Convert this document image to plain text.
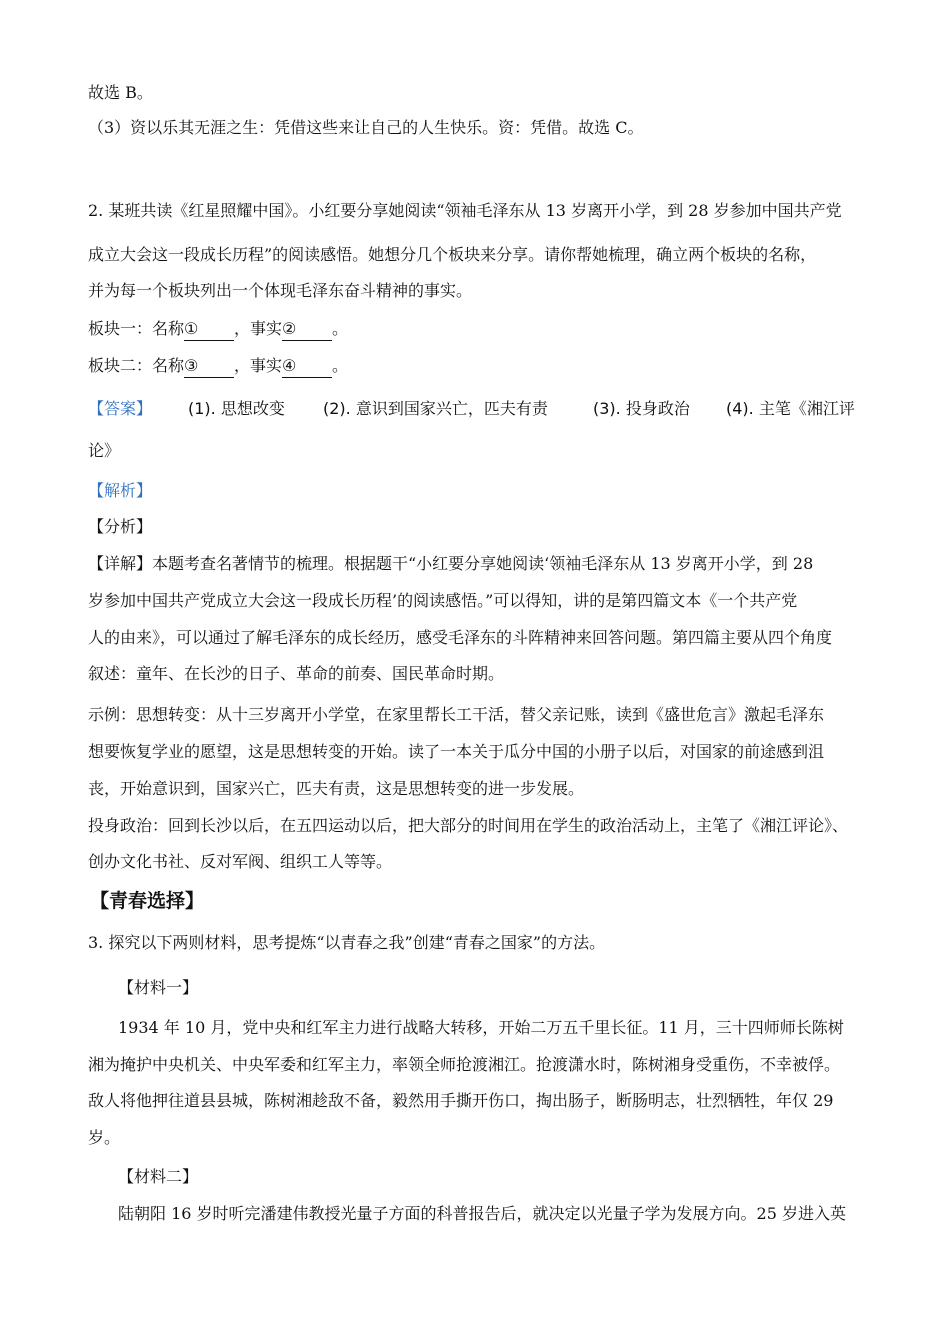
故选 B。
（3）资以乐其无涯之生：凭借这些来让自己的人生快乐。资：凭借。故选 C。
2. 某班共读《红星照耀中国》。小红要分享她阅读“领袖毛泽东从 13 岁离开小学，到 28 岁参加中国共产党
成立大会这一段成长历程”的阅读感悟。她想分几个板块来分享。请你帮她梳理，确立两个板块的名称，
并为每一个板块列出一个体现毛泽东奋斗精神的事实。
板块一：名称① ，事实② 。
板块二：名称③ ，事实④ 。
【答案】 (1). 思想改变 (2). 意识到国家兴亡，匹夫有责	(3). 投身政治 (4). 主笔《湘江评
论》
【解析】
【分析】
【详解】本题考查名著情节的梳理。根据题干“小红要分享她阅读‘领袖毛泽东从 13 岁离开小学，到 28
岁参加中国共产党成立大会这一段成长历程’的阅读感悟。”可以得知，讲的是第四篇文本《一个共产党
人的由来》，可以通过了解毛泽东的成长经历，感受毛泽东的斗阵精神来回答问题。第四篇主要从四个角度
叙述：童年、在长沙的日子、革命的前奏、国民革命时期。
示例：思想转变：从十三岁离开小学堂，在家里帮长工干活，替父亲记账，读到《盛世危言》激起毛泽东
想要恢复学业的愿望，这是思想转变的开始。读了一本关于瓜分中国的小册子以后，对国家的前途感到沮
丧，开始意识到，国家兴亡，匹夫有责，这是思想转变的进一步发展。
投身政治：回到长沙以后，在五四运动以后，把大部分的时间用在学生的政治活动上，主笔了《湘江评论》、
创办文化书社、反对军阀、组织工人等等。
【青春选择】
3. 探究以下两则材料，思考提炼“以青春之我”创建“青春之国家”的方法。
【材料一】
1934 年 10 月，党中央和红军主力进行战略大转移，开始二万五千里长征。11 月，三十四师师长陈树
湘为掩护中央机关、中央军委和红军主力，率领全师抢渡湘江。抢渡潇水时，陈树湘身受重伤，不幸被俘。
敌人将他押往道县县城，陈树湘趁敌不备，毅然用手撕开伤口，掏出肠子，断肠明志，壮烈牺牲，年仅 29
岁。
【材料二】
陆朝阳 16 岁时听完潘建伟教授光量子方面的科普报告后，就决定以光量子学为发展方向。25 岁进入英
